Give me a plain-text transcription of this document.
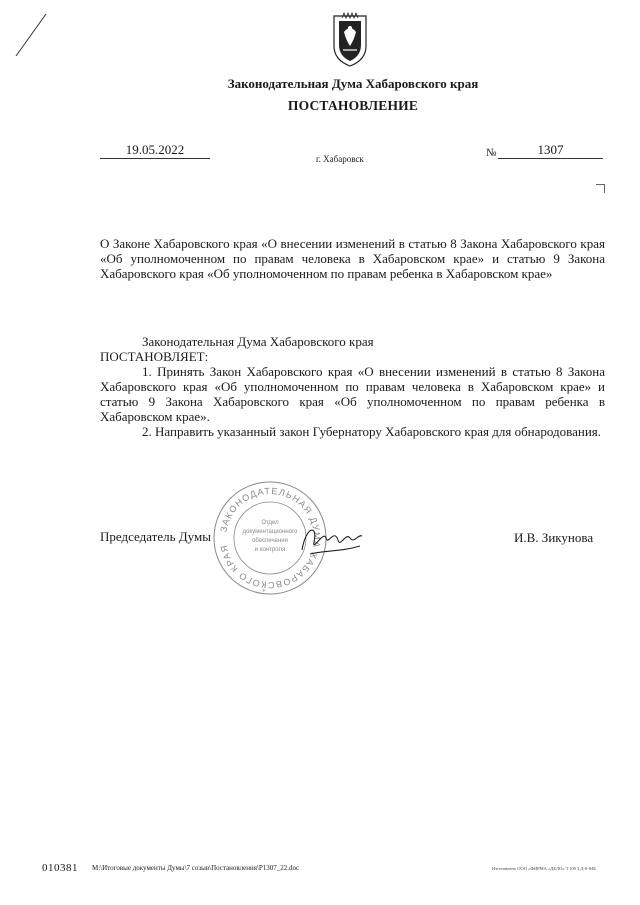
Законодательная Дума Хабаровского края
ПОСТАНОВЛЕНИЕ
19.05.2022
г. Хабаровск	№	1307
О Законе Хабаровского края «О внесении изменений в статью 8 Закона Хабаровского края «Об уполномоченном по правам человека в Хабаровском крае» и статью 9 Закона Хабаровского края «Об уполномоченном по правам ребенка в Хабаровском крае»

Законодательная Дума Хабаровского края

ПОСТАНОВЛЯЕТ:

1. Принять Закон Хабаровского края «О внесении изменений в статью 8 Закона Хабаровского края «Об уполномоченном по правам человека в Хабаровском крае» и статью 9 Закона Хабаровского края «Об уполномоченном по правам ребенка в Хабаровском крае».

2. Направить указанный закон Губернатору Хабаровского края для обнародования.

ЗАКОНОДАТЕЛЬНАЯ ДУМА ХАБАРОВСКОГО КРАЯ
Отдел
документационного
обеспечения
и контроля
*
Председатель Думы	И.В. Зикунова
010381 M:\Итоговые документы Думы\7 созыв\Постановления\P1307_22.doc	Изготовлено ООО «ФИРМА «ДЕЛО» Т.100 З.Д-0-84Б
